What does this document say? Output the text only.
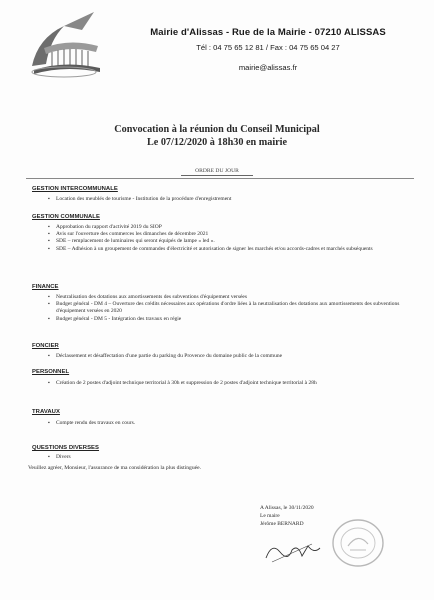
Mairie d'Alissas - Rue de la Mairie - 07210 ALISSAS
Tél : 04 75 65 12 81 / Fax : 04 75 65 04 27
mairie@alissas.fr
Convocation à la réunion du Conseil Municipal
Le 07/12/2020 à 18h30 en mairie
ORDRE DU JOUR
GESTION INTERCOMMUNALE
▪ Location des meublés de tourisme - Institution de la procédure d'enregistrement
GESTION COMMUNALE
▪ Approbation du rapport d'activité 2019 du SIOP
▪ Avis sur l'ouverture des commerces les dimanches de décembre 2021
▪ SDE – remplacement de luminaires qui seront équipés de lampe « led ».
▪ SDE – Adhésion à un groupement de commandes d'électricité et autorisation de signer les marchés et/ou accords-cadres et marchés subséquents
FINANCE
▪ Neutralisation des dotations aux amortissements des subventions d'équipement versées
▪ Budget général - DM 4 – Ouverture des crédits nécessaires aux opérations d'ordre liées à la neutralisation des dotations aux amortissements des subventions d'équipement versées en 2020
▪ Budget général - DM 5 - Intégration des travaux en régie
FONCIER
▪ Déclassement et désaffectation d'une partie du parking du Provence du domaine public de la commune
PERSONNEL
▪ Création de 2 postes d'adjoint technique territorial à 30h et suppression de 2 postes d'adjoint technique territorial à 28h
TRAVAUX
▪ Compte rendu des travaux en cours.
QUESTIONS DIVERSES
▪ Divers
Veuillez agréer, Monsieur, l'assurance de ma considération la plus distinguée.
A Alissas, le 30/11/2020
Le maire
Jérôme BERNARD
